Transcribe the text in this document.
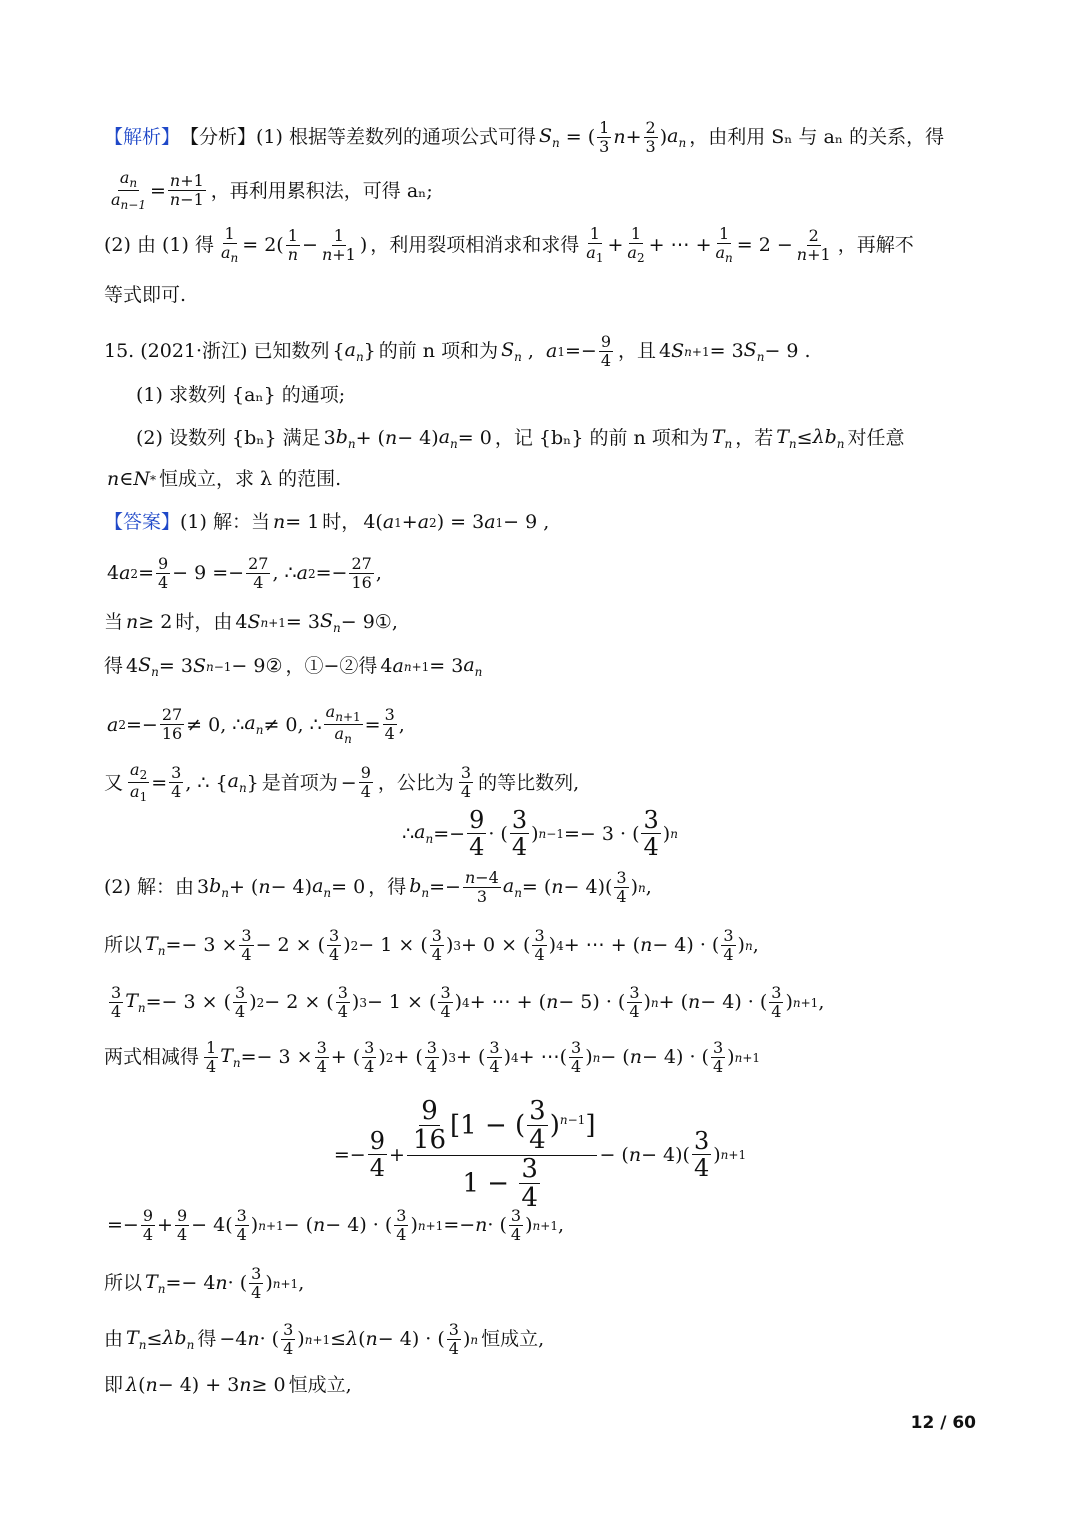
【解析】 【分析】(1) 根据等差数列的通项公式可得 $S_n$ = ( $\frac{1}{3}$ $n + \frac{2}{3}$ ) $a_n$ ，由利用 Sₙ 与 aₙ 的关系，得
$\frac{a_n}{a_{n-1}} = \frac{n+1}{n-1}$ ，再利用累积法，可得 aₙ;
(2) 由 (1) 得 $\frac{1}{a_n} = 2( \frac{1}{n} - \frac{1}{n+1}$ ) ，利用裂项相消求和求得 $\frac{1}{a_1} + \frac{1}{a_2}$ + ⋯ + $\frac{1}{a_n} = 2 - \frac{2}{n+1}$ ，再解不
等式即可.
15. (2021·浙江) 已知数列 { $a_n$ } 的前 n 项和为 $S_n$ , a $1 =- \frac{9}{4}$ ，且 4 S n+1 = 3 $S_n - 9$ .
(1) 求数列 {aₙ} 的通项;
(2) 设数列 {bₙ} 满足 3 $b_n$ + ( n − 4) $a_n = 0$ ，记 {bₙ} 的前 n 项和为 $T_n$ ，若 $T_n \le \lambda b_n$ 对任意
n ∈ N * 恒成立，求 λ 的范围.
【答案】 (1) 解：当 n = 1 时， 4( a 1 + a 2 ) = 3 a 1 − 9 ,
4 a $2 = \frac{9}{4} - 9 =- \frac{27}{4}$ , ∴ a $2 =- \frac{27}{16}$ ,
当 n ≥ 2 时，由 4 S n+1 = 3 $S_n$ − 9①,
得 4 $S_n = 3$ S n−1 − 9② ，①−②得 4 a n+1 = 3 $a_n$
a $2 =- \frac{27}{16} \ne 0$, ∴ $a_n \ne 0$, ∴ $\frac{a_{n+1}}{a_n} = \frac{3}{4}$ ,
又 $\frac{a_2}{a_1} = \frac{3}{4}$ , ∴ { $a_n$ } 是首项为 − $\frac{9}{4}$ ，公比为 $\frac{3}{4}$ 的等比数列,
∴ $a_n =- \frac{9}{4}$ · ( $\frac{3}{4}$ ) n−1 =− 3 · ( $\frac{3}{4}$ ) n
(2) 解：由 3 $b_n$ + ( n − 4) $a_n = 0$ ，得 $b_n =- \frac{n-4}{3} a_n$ = ( $n - 4)( \frac{3}{4}$ ) n ,
所以 $T_n =- 3 \times \frac{3}{4} - 2$ × ( $\frac{3}{4}$ ) 2 − 1 × ( $\frac{3}{4}$ ) 3 + 0 × ( $\frac{3}{4}$ ) 4 + ⋯ + ( n − 4) · ( $\frac{3}{4}$ ) n ,
$\frac{3}{4} T_n =- 3$ × ( $\frac{3}{4}$ ) 2 − 2 × ( $\frac{3}{4}$ ) 3 − 1 × ( $\frac{3}{4}$ ) 4 + ⋯ + ( n − 5) · ( $\frac{3}{4}$ ) n + ( n − 4) · ( $\frac{3}{4}$ ) n+1 ,
两式相减得 $\frac{1}{4} T_n =- 3 \times \frac{3}{4}$ + ( $\frac{3}{4}$ ) 2 + ( $\frac{3}{4}$ ) 3 + ( $\frac{3}{4}$ ) 4 + ⋯( $\frac{3}{4}$ ) n − ( n − 4) · ( $\frac{3}{4}$ ) n+1
=− $\frac{9}{4} + \frac{\frac{9}{16} [1 - ( \frac{3}{4} )^{n-1}]}{1 - \frac{3}{4}}$ − ( $n - 4)( \frac{3}{4}$ ) n+1
=− $\frac{9}{4} + \frac{9}{4} - 4( \frac{3}{4}$ ) n+1 − ( n − 4) · ( $\frac{3}{4}$ ) n+1 =− n · ( $\frac{3}{4}$ ) n+1 ,
所以 $T_n =- 4$ n · ( $\frac{3}{4}$ ) n+1 ,
由 $T_n \le \lambda b_n$ 得 −4 n · ( $\frac{3}{4}$ ) n+1 ≤ λ ( n − 4) · ( $\frac{3}{4}$ ) n 恒成立,
即 λ ( n − 4) + 3 n ≥ 0 恒成立,
12 / 60
